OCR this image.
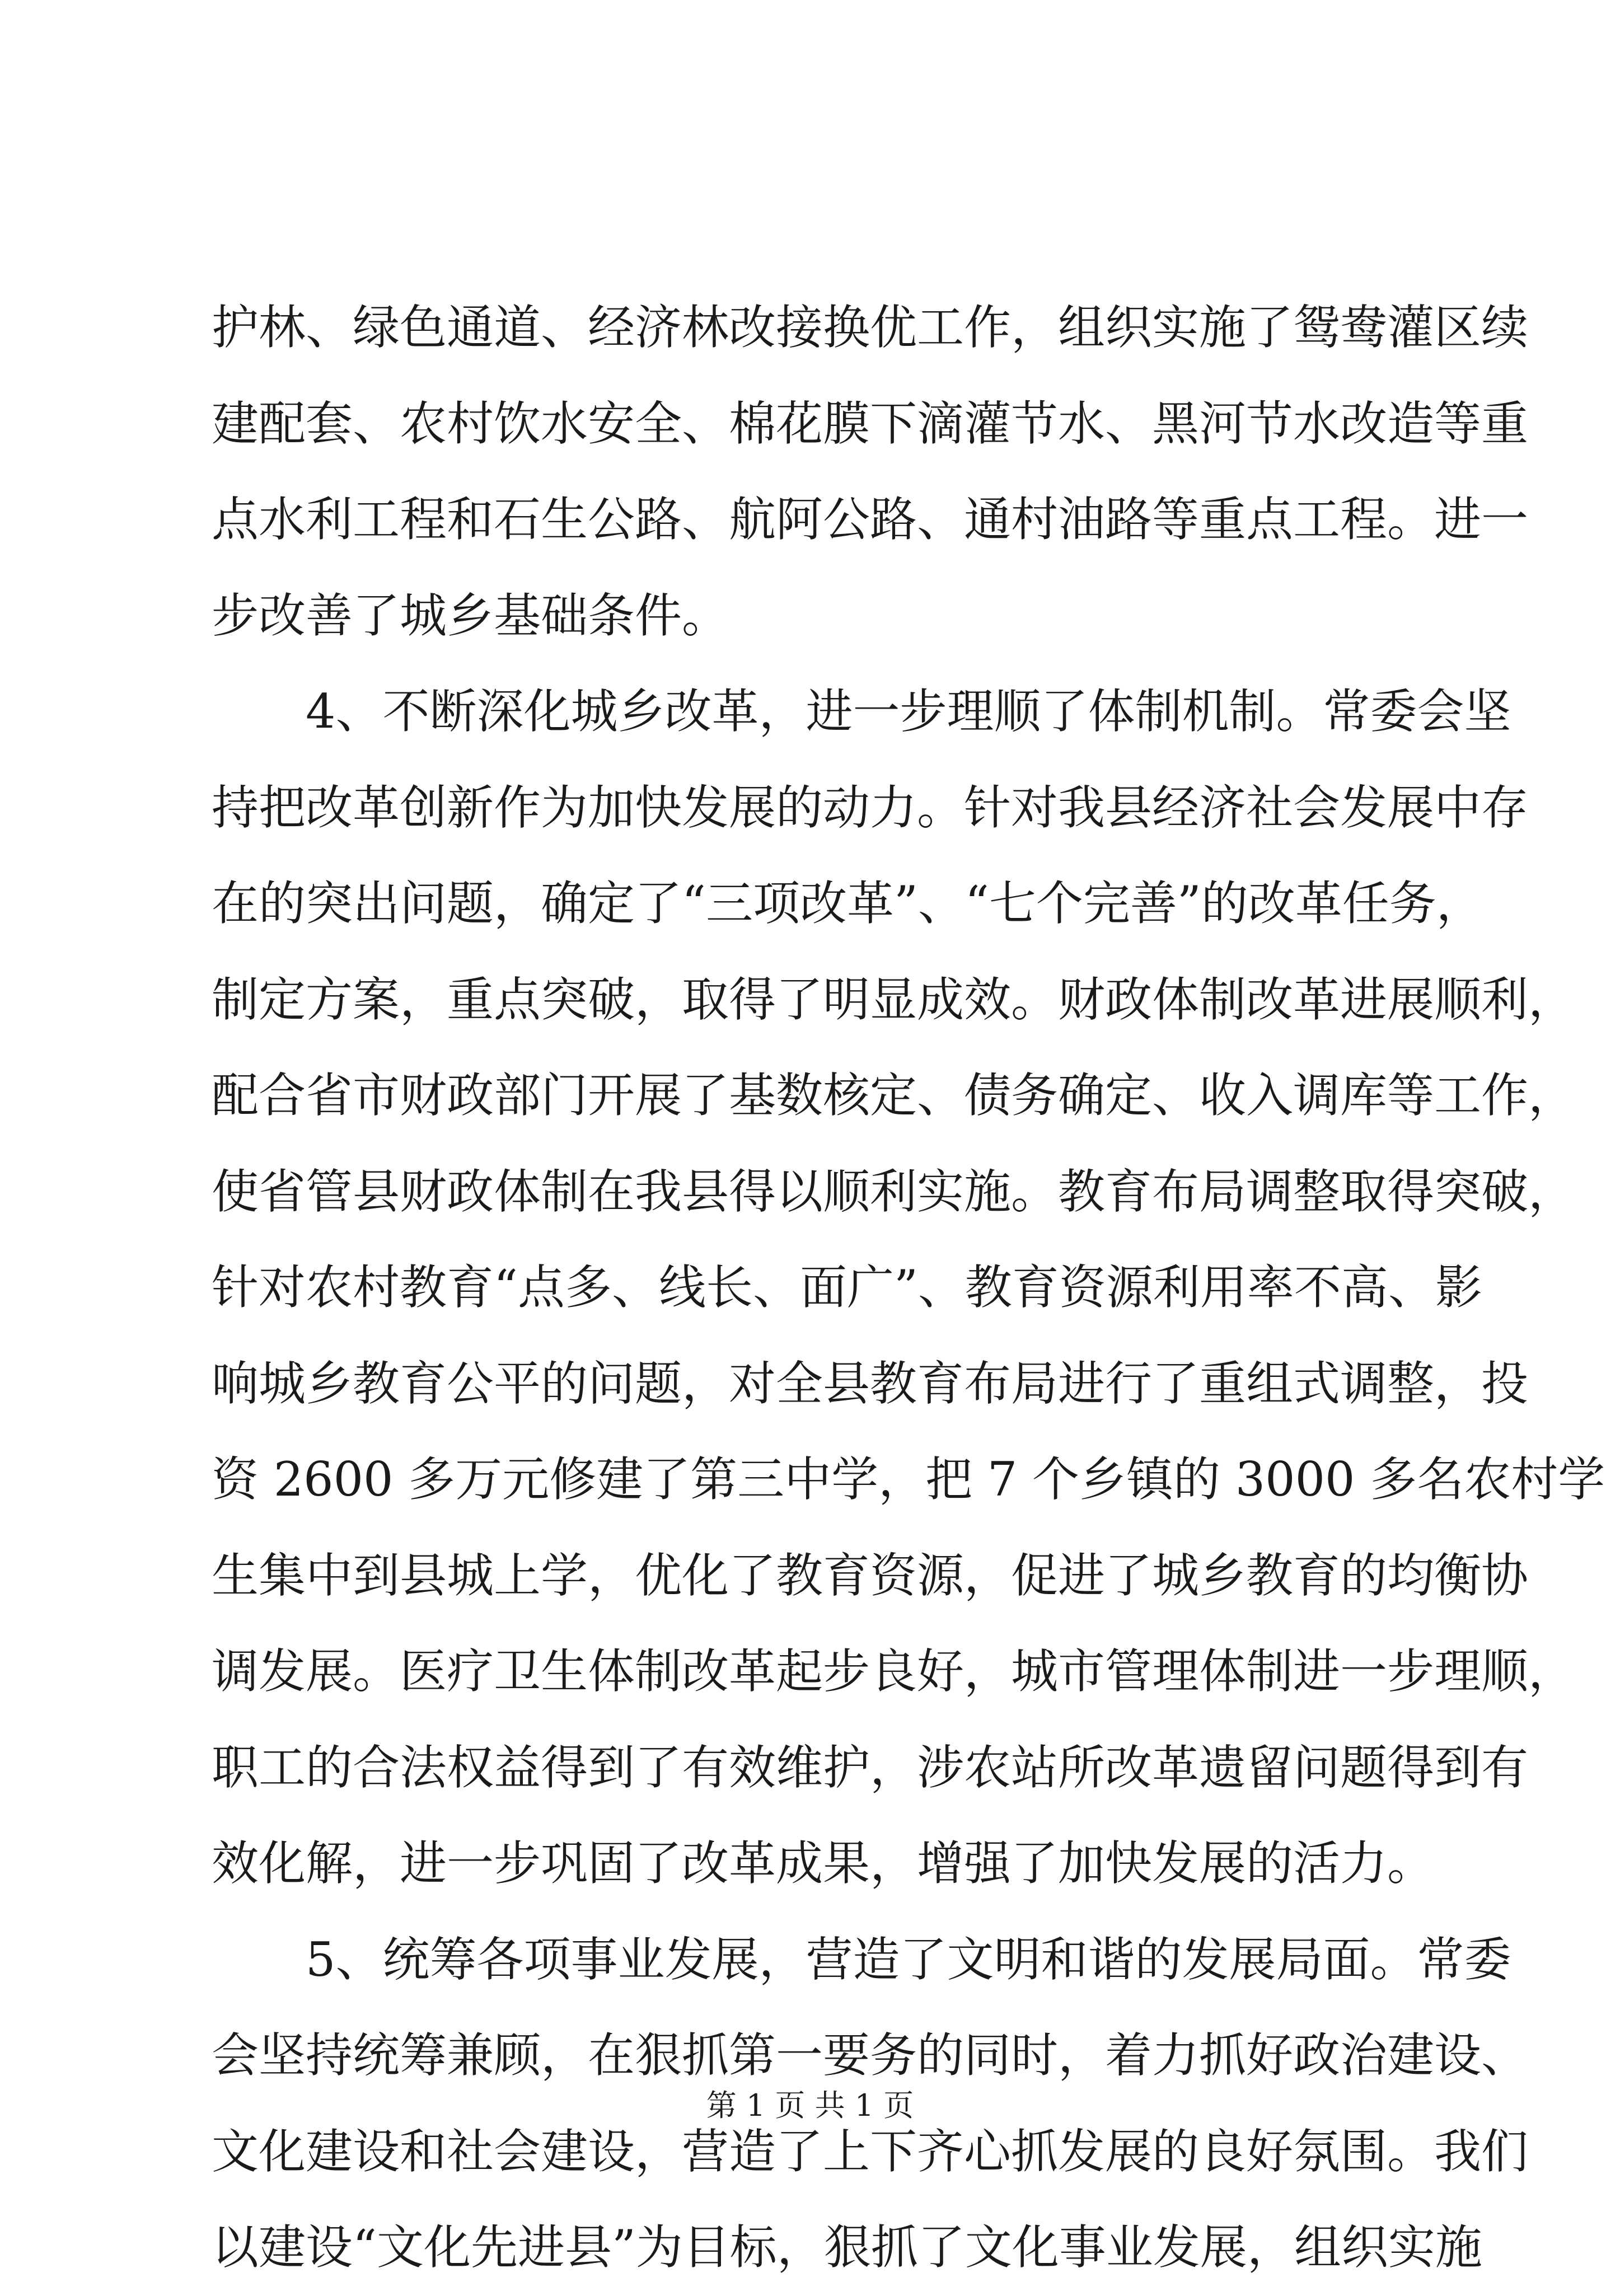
护林、绿色通道、经济林改接换优工作，组织实施了鸳鸯灌区续
建配套、农村饮水安全、棉花膜下滴灌节水、黑河节水改造等重
点水利工程和石生公路、航阿公路、通村油路等重点工程。进一
步改善了城乡基础条件。
4、不断深化城乡改革，进一步理顺了体制机制。常委会坚
持把改革创新作为加快发展的动力。针对我县经济社会发展中存
在的突出问题，确定了“三项改革”、“七个完善”的改革任务，
制定方案，重点突破，取得了明显成效。财政体制改革进展顺利，
配合省市财政部门开展了基数核定、债务确定、收入调库等工作，
使省管县财政体制在我县得以顺利实施。教育布局调整取得突破，
针对农村教育“点多、线长、面广”、教育资源利用率不高、影
响城乡教育公平的问题，对全县教育布局进行了重组式调整，投
资 2600 多万元修建了第三中学，把 7 个乡镇的 3000 多名农村学
生集中到县城上学，优化了教育资源，促进了城乡教育的均衡协
调发展。医疗卫生体制改革起步良好，城市管理体制进一步理顺，
职工的合法权益得到了有效维护，涉农站所改革遗留问题得到有
效化解，进一步巩固了改革成果，增强了加快发展的活力。
5、统筹各项事业发展，营造了文明和谐的发展局面。常委
会坚持统筹兼顾，在狠抓第一要务的同时，着力抓好政治建设、
文化建设和社会建设，营造了上下齐心抓发展的良好氛围。我们
以建设“文化先进县”为目标，狠抓了文化事业发展，组织实施
第 1 页 共 1 页
